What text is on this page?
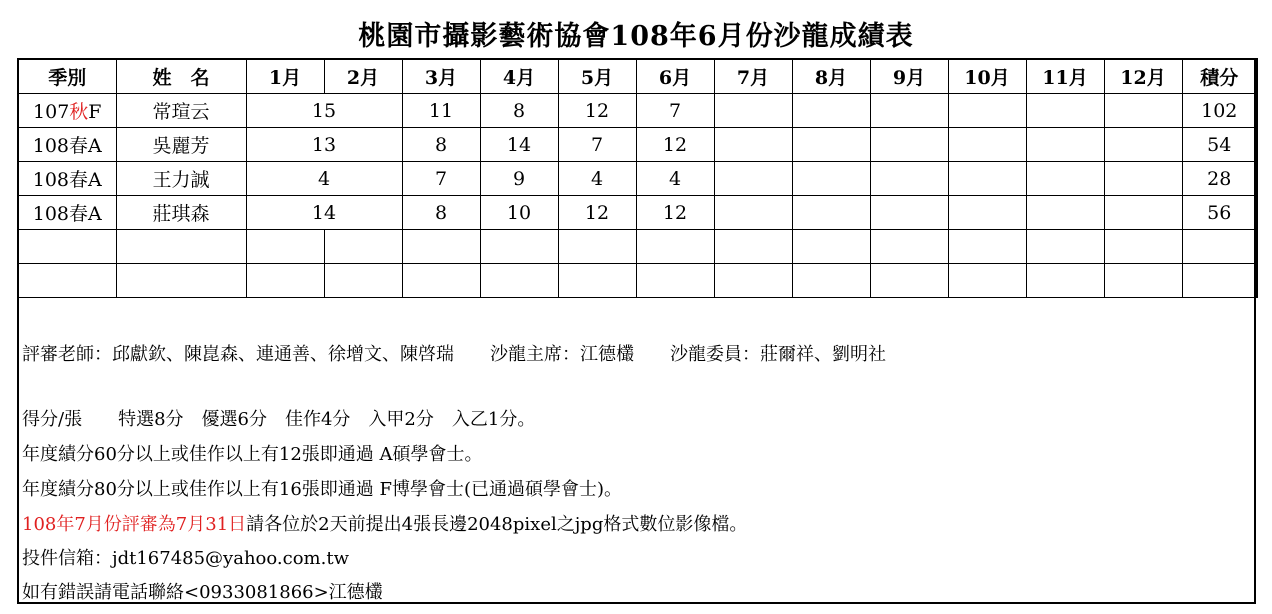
桃園市攝影藝術協會108年6月份沙龍成績表
季別	姓　名	1月	2月	3月	4月	5月	6月	7月	8月	9月	10月	11月	12月	積分
107秋F	常瑄云	15		11	8	12	7							102
108春A	吳麗芳	13		8	14	7	12							54
108春A	王力誠	4		7	9	4	4							28
108春A	莊琪森	14		8	10	12	12							56

評審老師：邱獻欽、陳崑森、連通善、徐增文、陳啓瑞　　沙龍主席：江德欉　　沙龍委員：莊爾祥、劉明社
得分/張　　特選8分　優選6分　佳作4分　入甲2分　入乙1分。
年度績分60分以上或佳作以上有12張即通過 A碩學會士。
年度績分80分以上或佳作以上有16張即通過 F博學會士(已通過碩學會士)。
108年7月份評審為7月31日請各位於2天前提出4張長邊2048pixel之jpg格式數位影像檔。
投件信箱：jdt167485@yahoo.com.tw
如有錯誤請電話聯絡<0933081866>江德欉
